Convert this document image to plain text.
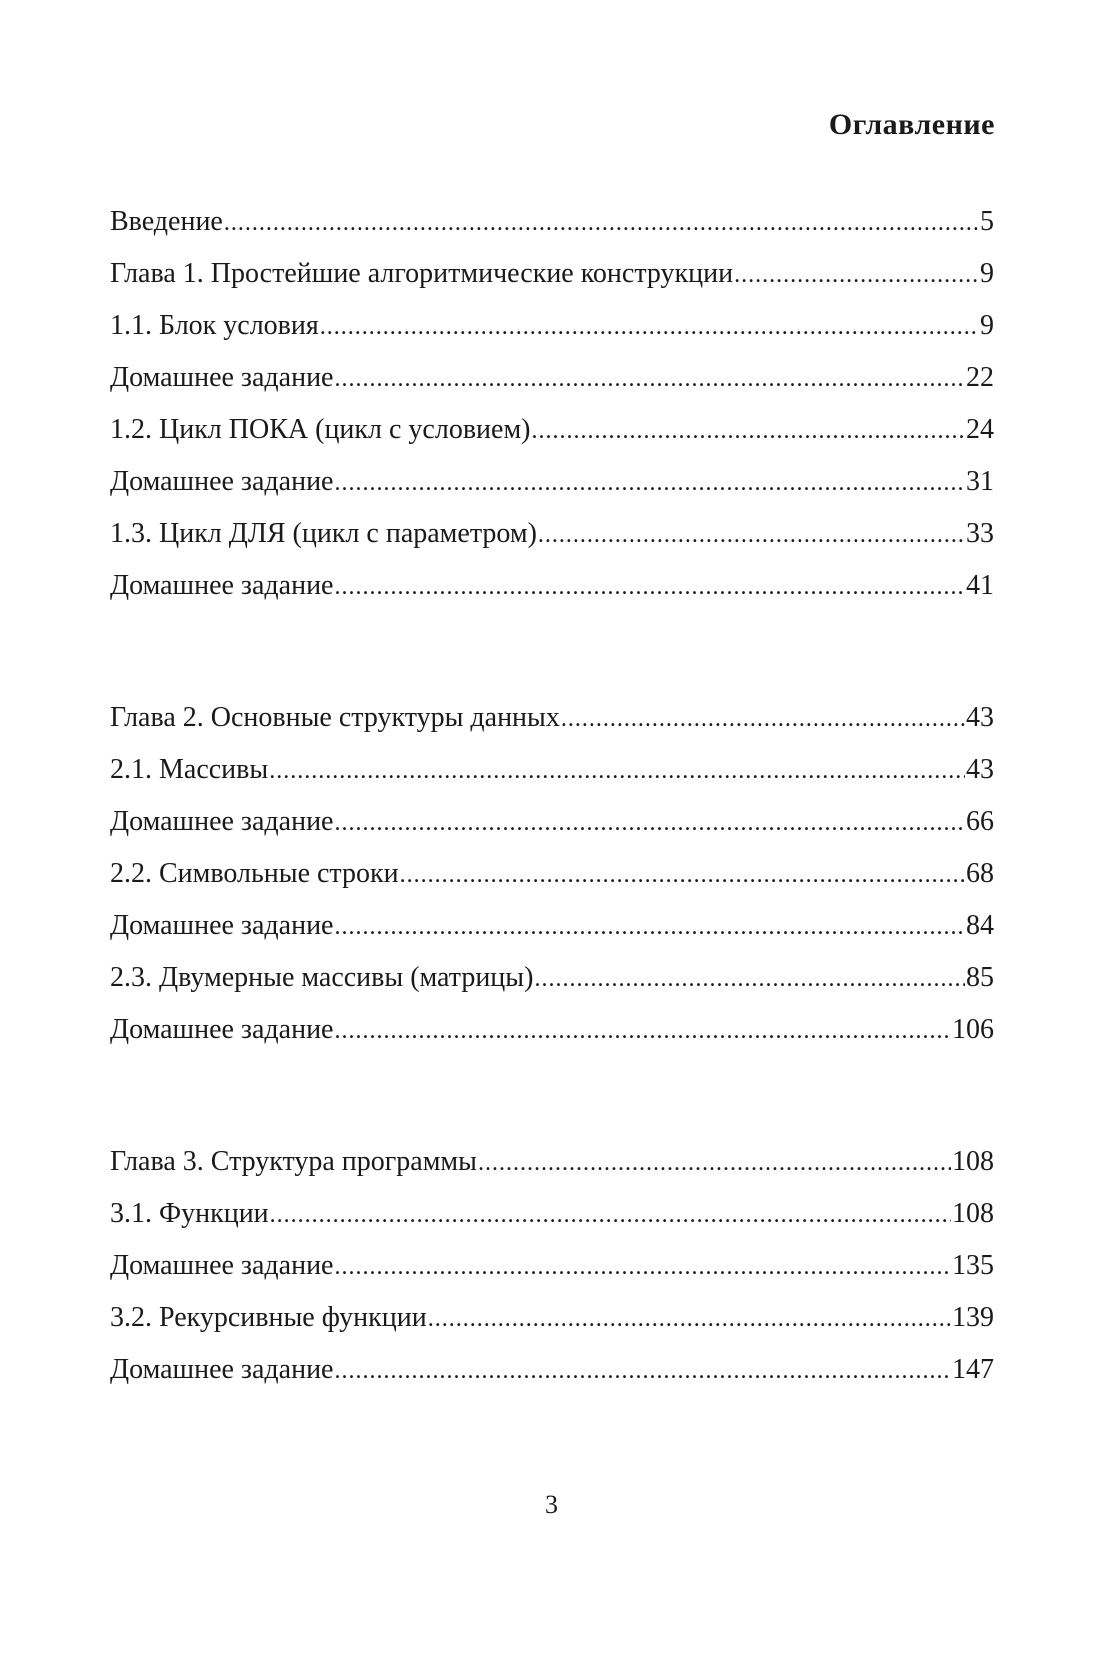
Оглавление
Введение .....	5
Глава 1. Простейшие алгоритмические конструкции .....	9
1.1. Блок условия .....	9
Домашнее задание .....	22
1.2. Цикл ПОКА (цикл с условием) .....	24
Домашнее задание .....	31
1.3. Цикл ДЛЯ (цикл с параметром) .....	33
Домашнее задание .....	41
Глава 2. Основные структуры данных .....	43
2.1. Массивы .....	43
Домашнее задание .....	66
2.2. Символьные строки .....	68
Домашнее задание .....	84
2.3. Двумерные массивы (матрицы) .....	85
Домашнее задание .....	106
Глава 3. Структура программы .....	108
3.1. Функции .....	108
Домашнее задание .....	135
3.2. Рекурсивные функции .....	139
Домашнее задание .....	147
3
